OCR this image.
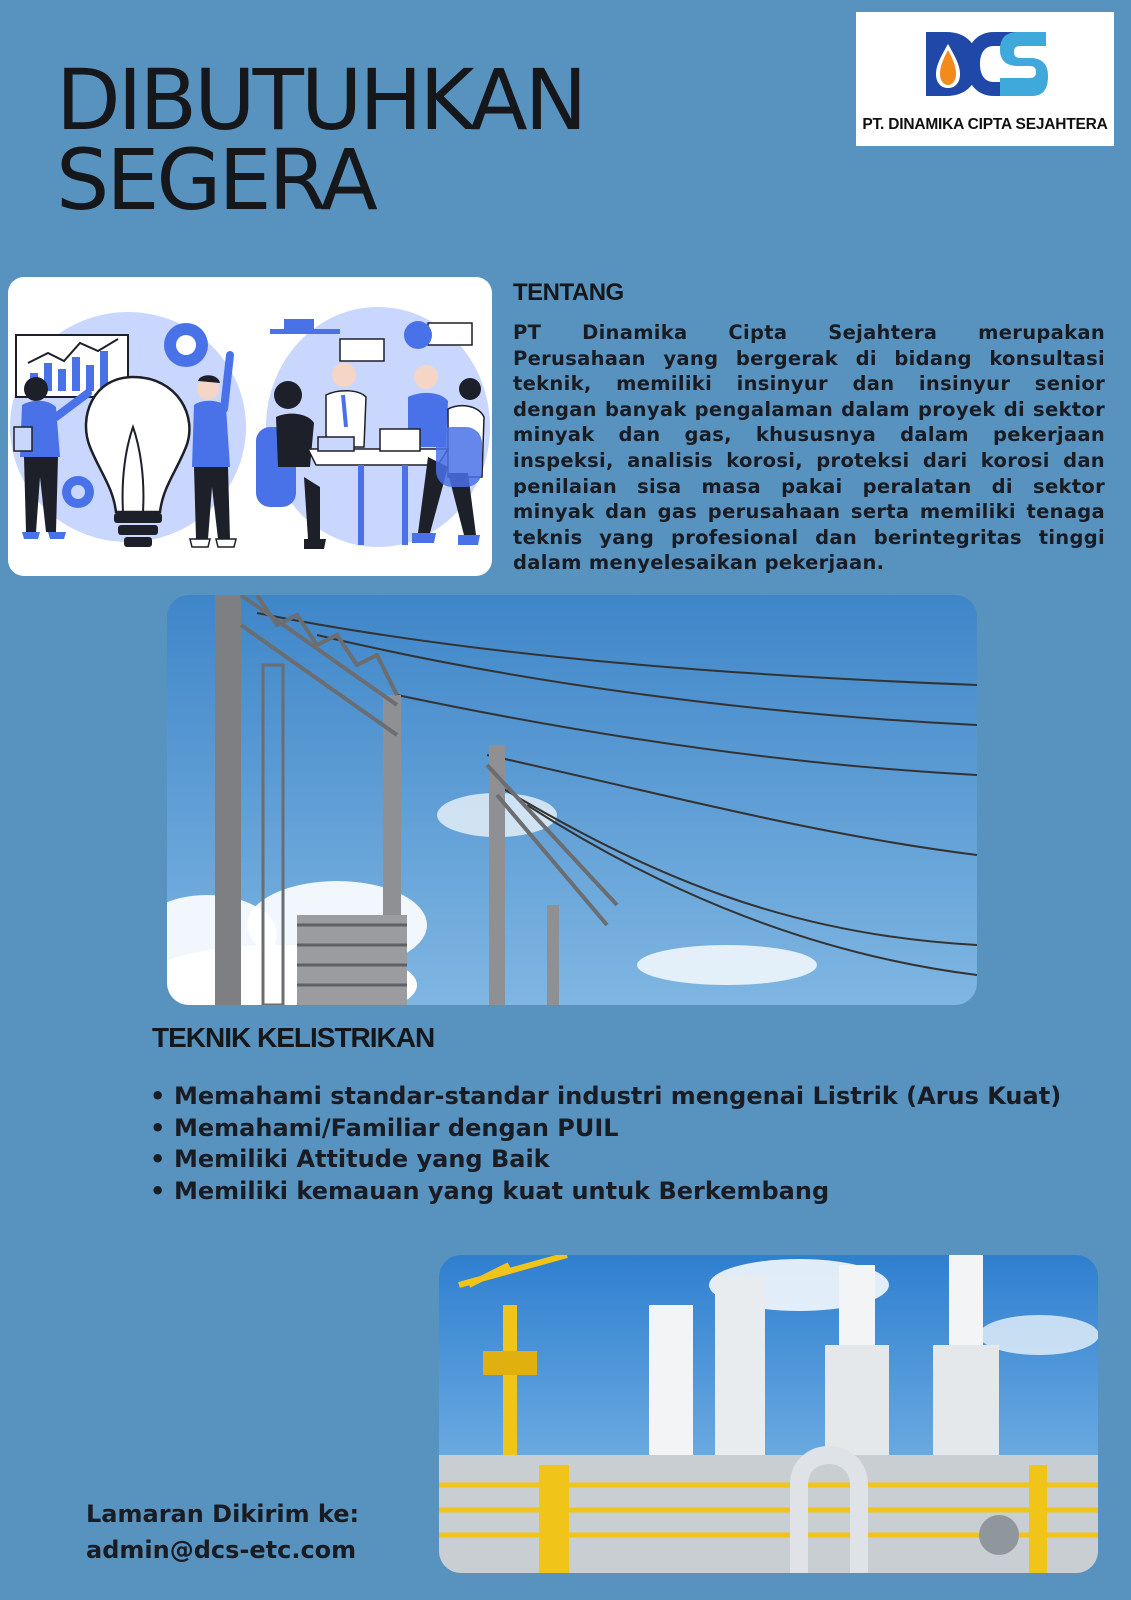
DIBUTUHKAN
SEGERA
PT. DINAMIKA CIPTA SEJAHTERA
TENTANG

PT Dinamika Cipta Sejahtera merupakan Perusahaan yang bergerak di bidang konsultasi teknik, memiliki insinyur dan insinyur senior dengan banyak pengalaman dalam proyek di sektor minyak dan gas, khususnya dalam pekerjaan inspeksi, analisis korosi, proteksi dari korosi dan penilaian sisa masa pakai peralatan di sektor minyak dan gas perusahaan serta memiliki tenaga teknis yang profesional dan berintegritas tinggi dalam menyelesaikan pekerjaan.

TEKNIK KELISTRIKAN
• Memahami standar-standar industri mengenai Listrik (Arus Kuat)
• Memahami/Familiar dengan PUIL
• Memiliki Attitude yang Baik
• Memiliki kemauan yang kuat untuk Berkembang
Lamaran Dikirim ke:
admin@dcs-etc.com
